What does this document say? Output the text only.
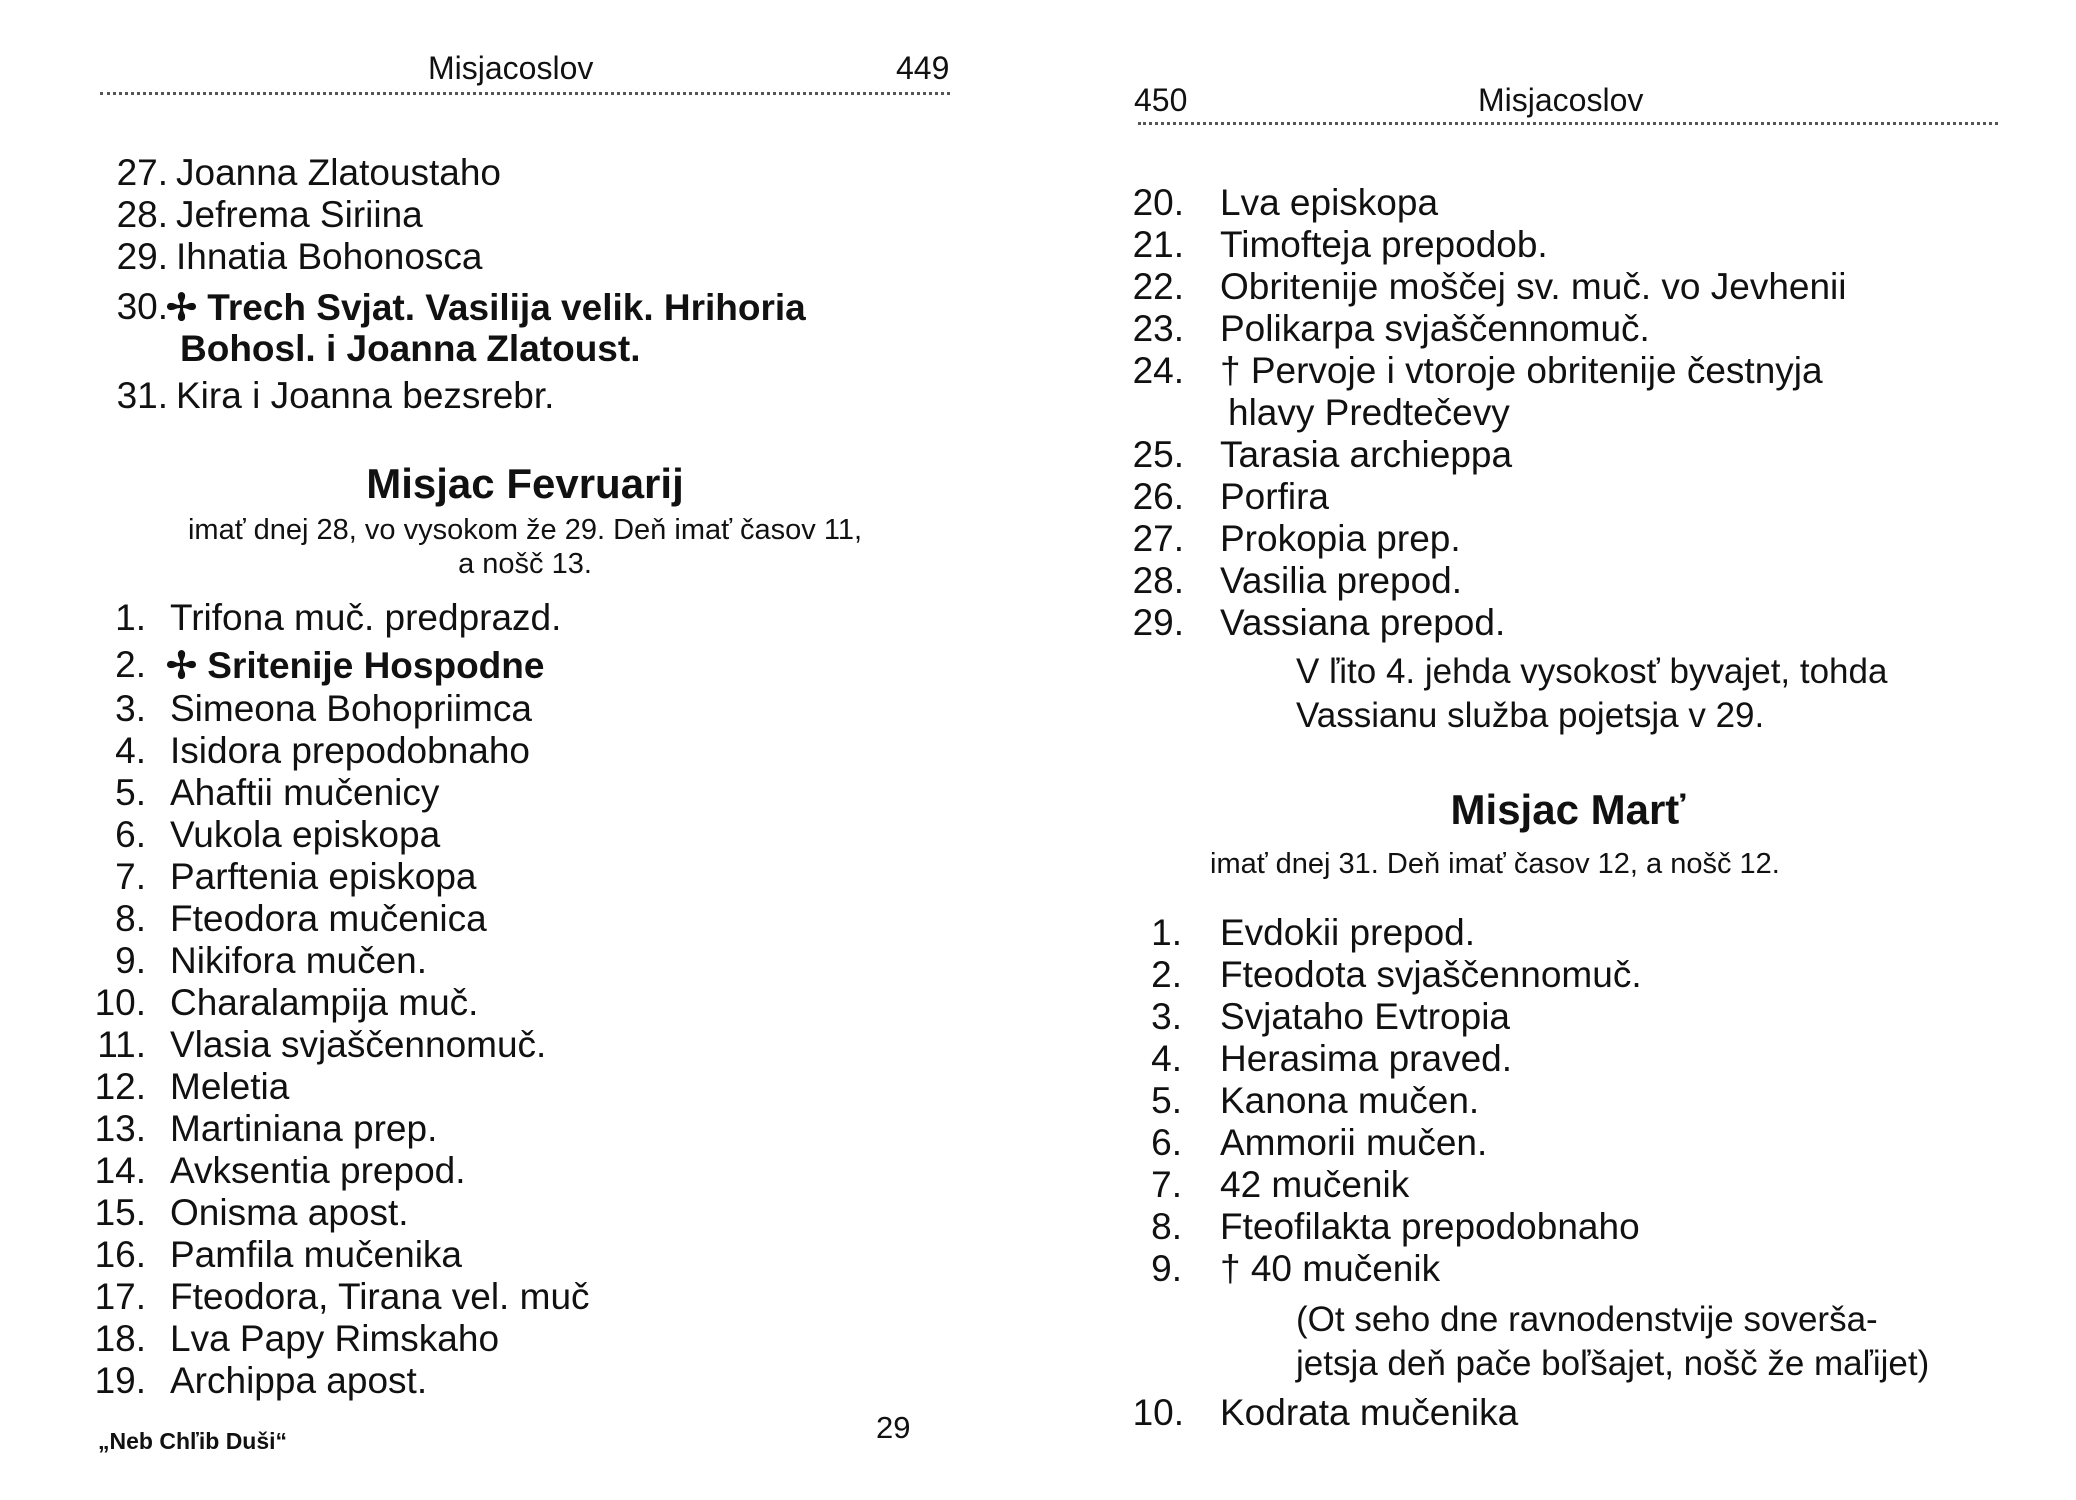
Misjacoslov	449
27. Joanna Zlatoustaho
28. Jefrema Siriina
29. Ihnatia Bohonosca
30.
✢ Trech Svjat. Vasilija velik. Hrihoria
Bohosl. i Joanna Zlatoust.
31. Kira i Joanna bezsrebr.
Misjac Fevruarij
imať dnej 28, vo vysokom že 29. Deň imať časov 11,
a nošč 13.
1. Trifona muč. predprazd.
2. ✢ Sritenije Hospodne
3. Simeona Bohopriimca
4. Isidora prepodobnaho
5. Ahaftii mučenicy
6. Vukola episkopa
7. Parftenia episkopa
8. Fteodora mučenica
9. Nikifora mučen.
10. Charalampija muč.
11. Vlasia svjaščennomuč.
12. Meletia
13. Martiniana prep.
14. Avksentia prepod.
15. Onisma apost.
16. Pamfila mučenika
17. Fteodora, Tirana vel. muč
18. Lva Papy Rimskaho
19. Archippa apost.
„Neb Chľib Duši“	29
450	Misjacoslov
20. Lva episkopa
21. Timofteja prepodob.
22. Obritenije moščej sv. muč. vo Jevhenii
23. Polikarpa svjaščennomuč.
24. † Pervoje i vtoroje obritenije čestnyja
hlavy Predtečevy
25. Tarasia archieppa
26. Porfira
27. Prokopia prep.
28. Vasilia prepod.
29. Vassiana prepod.
V ľito 4. jehda vysokosť byvajet, tohda
Vassianu služba pojetsja v 29.
Misjac Marť
imať dnej 31. Deň imať časov 12, a nošč 12.
1. Evdokii prepod.
2. Fteodota svjaščennomuč.
3. Svjataho Evtropia
4. Herasima praved.
5. Kanona mučen.
6. Ammorii mučen.
7. 42 mučenik
8. Fteofilakta prepodobnaho
9. † 40 mučenik
(Ot seho dne ravnodenstvije soverša-
jetsja deň pače boľšajet, nošč že maľijet)
10. Kodrata mučenika
